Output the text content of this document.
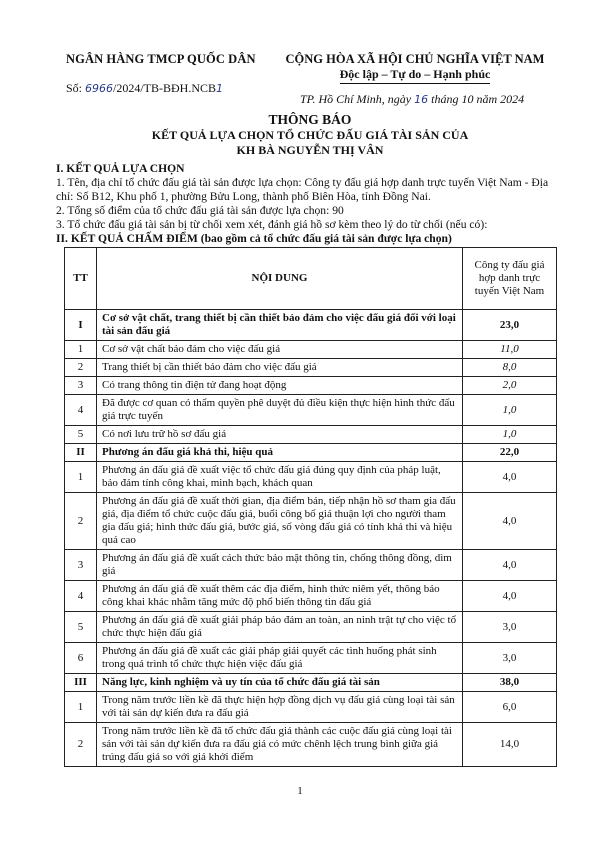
NGÂN HÀNG TMCP QUỐC DÂN
Số: 6966/2024/TB-BĐH.NCB1
CỘNG HÒA XÃ HỘI CHỦ NGHĨA VIỆT NAM
Độc lập – Tự do – Hạnh phúc
TP. Hồ Chí Minh, ngày 16 tháng 10 năm 2024
THÔNG BÁO
KẾT QUẢ LỰA CHỌN TỔ CHỨC ĐẤU GIÁ TÀI SẢN CỦA
KH BÀ NGUYỄN THỊ VÂN
I. KẾT QUẢ LỰA CHỌN
1. Tên, địa chỉ tổ chức đấu giá tài sản được lựa chọn: Công ty đấu giá hợp danh trực tuyến Việt Nam - Địa chỉ: Số B12, Khu phố 1, phường Bửu Long, thành phố Biên Hòa, tỉnh Đồng Nai.
2. Tổng số điểm của tổ chức đấu giá tài sản được lựa chọn: 90
3. Tổ chức đấu giá tài sản bị từ chối xem xét, đánh giá hồ sơ kèm theo lý do từ chối (nếu có):
II. KẾT QUẢ CHẤM ĐIỂM (bao gồm cả tổ chức đấu giá tài sản được lựa chọn)
TT	NỘI DUNG	Công ty đấu giá hợp danh trực tuyến Việt Nam
I	Cơ sở vật chất, trang thiết bị cần thiết bảo đảm cho việc đấu giá đối với loại tài sản đấu giá	23,0
1	Cơ sở vật chất bảo đảm cho việc đấu giá	11,0
2	Trang thiết bị cần thiết bảo đảm cho việc đấu giá	8,0
3	Có trang thông tin điện tử đang hoạt động	2,0
4	Đã được cơ quan có thẩm quyền phê duyệt đủ điều kiện thực hiện hình thức đấu giá trực tuyến	1,0
5	Có nơi lưu trữ hồ sơ đấu giá	1,0
II	Phương án đấu giá khả thi, hiệu quả	22,0
1	Phương án đấu giá đề xuất việc tổ chức đấu giá đúng quy định của pháp luật, bảo đảm tính công khai, minh bạch, khách quan	4,0
2	Phương án đấu giá đề xuất thời gian, địa điểm bán, tiếp nhận hồ sơ tham gia đấu giá, địa điểm tổ chức cuộc đấu giá, buổi công bố giá thuận lợi cho người tham gia đấu giá; hình thức đấu giá, bước giá, số vòng đấu giá có tính khả thi và hiệu quả cao	4,0
3	Phương án đấu giá đề xuất cách thức bảo mật thông tin, chống thông đồng, dìm giá	4,0
4	Phương án đấu giá đề xuất thêm các địa điểm, hình thức niêm yết, thông báo công khai khác nhằm tăng mức độ phổ biến thông tin đấu giá	4,0
5	Phương án đấu giá đề xuất giải pháp bảo đảm an toàn, an ninh trật tự cho việc tổ chức thực hiện đấu giá	3,0
6	Phương án đấu giá đề xuất các giải pháp giải quyết các tình huống phát sinh trong quá trình tổ chức thực hiện việc đấu giá	3,0
III	Năng lực, kinh nghiệm và uy tín của tổ chức đấu giá tài sản	38,0
1	Trong năm trước liền kề đã thực hiện hợp đồng dịch vụ đấu giá cùng loại tài sản với tài sản dự kiến đưa ra đấu giá	6,0
2	Trong năm trước liền kề đã tổ chức đấu giá thành các cuộc đấu giá cùng loại tài sản với tài sản dự kiến đưa ra đấu giá có mức chênh lệch trung bình giữa giá trúng đấu giá so với giá khởi điểm	14,0
1
